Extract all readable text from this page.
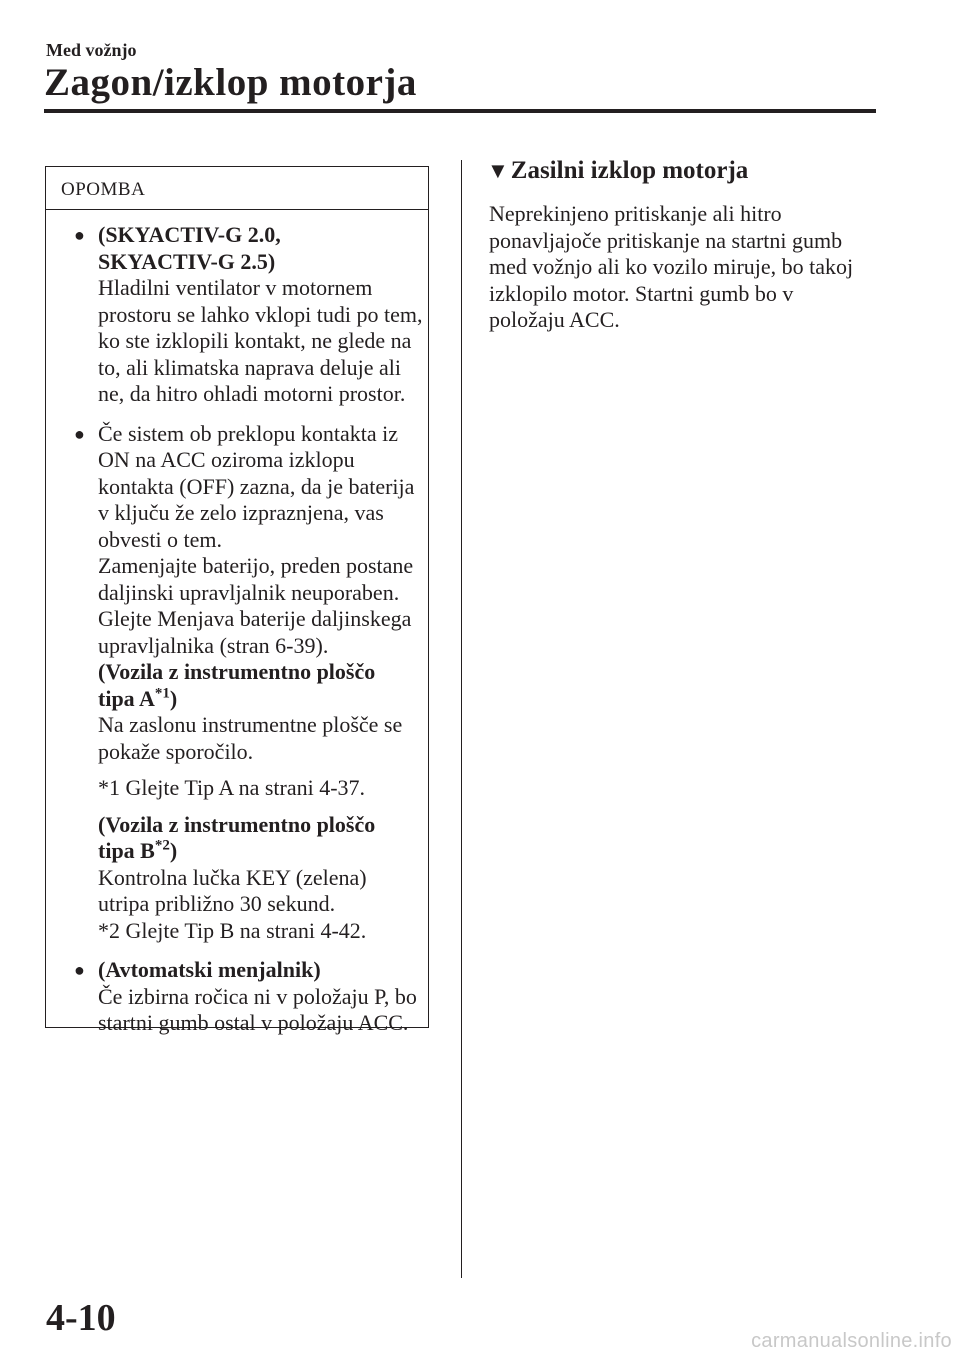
Med vožnjo
Zagon/izklop motorja
OPOMBA
● (SKYACTIV-G 2.0,
SKYACTIV-G 2.5)
Hladilni ventilator v motornem
prostoru se lahko vklopi tudi po tem,
ko ste izklopili kontakt, ne glede na
to, ali klimatska naprava deluje ali
ne, da hitro ohladi motorni prostor.
● Če sistem ob preklopu kontakta iz
ON na ACC oziroma izklopu
kontakta (OFF) zazna, da je baterija
v ključu že zelo izpraznjena, vas
obvesti o tem.
Zamenjajte baterijo, preden postane
daljinski upravljalnik neuporaben.
Glejte Menjava baterije daljinskega
upravljalnika (stran 6-39).
(Vozila z instrumentno ploščo
tipa $A^{*1}$)
Na zaslonu instrumentne plošče se
pokaže sporočilo.
*1 Glejte Tip A na strani 4-37.
(Vozila z instrumentno ploščo
tipa $B^{*2}$)
Kontrolna lučka KEY (zelena)
utripa približno 30 sekund.
*2 Glejte Tip B na strani 4-42.
● (Avtomatski menjalnik)
Če izbirna ročica ni v položaju P, bo
startni gumb ostal v položaju ACC.
▼Zasilni izklop motorja
Neprekinjeno pritiskanje ali hitro
ponavljajoče pritiskanje na startni gumb
med vožnjo ali ko vozilo miruje, bo takoj
izklopilo motor. Startni gumb bo v
položaju ACC.
4-10
carmanualsonline.info
